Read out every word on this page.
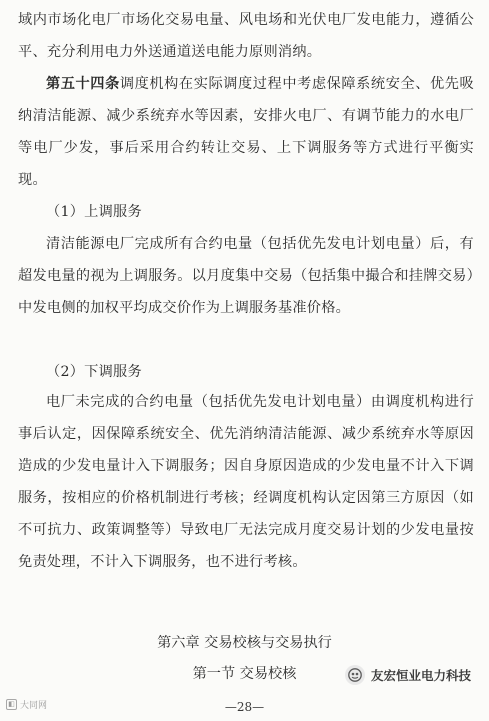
域内市场化电厂市场化交易电量、风电场和光伏电厂发电能力，遵循公平、充分利用电力外送通道送电能力原则消纳。

第五十四条调度机构在实际调度过程中考虑保障系统安全、优先吸纳清洁能源、减少系统弃水等因素，安排火电厂、有调节能力的水电厂等电厂少发，事后采用合约转让交易、上下调服务等方式进行平衡实现。

（1）上调服务

清洁能源电厂完成所有合约电量（包括优先发电计划电量）后，有超发电量的视为上调服务。以月度集中交易（包括集中撮合和挂牌交易）中发电侧的加权平均成交价作为上调服务基准价格。

（2）下调服务

电厂未完成的合约电量（包括优先发电计划电量）由调度机构进行事后认定，因保障系统安全、优先消纳清洁能源、减少系统弃水等原因造成的少发电量计入下调服务；因自身原因造成的少发电量不计入下调服务，按相应的价格机制进行考核；经调度机构认定因第三方原因（如不可抗力、政策调整等）导致电厂无法完成月度交易计划的少发电量按免责处理，不计入下调服务，也不进行考核。

第六章 交易校核与交易执行

第一节 交易校核

◧ 大同网
友宏恒业电力科技
—28—
